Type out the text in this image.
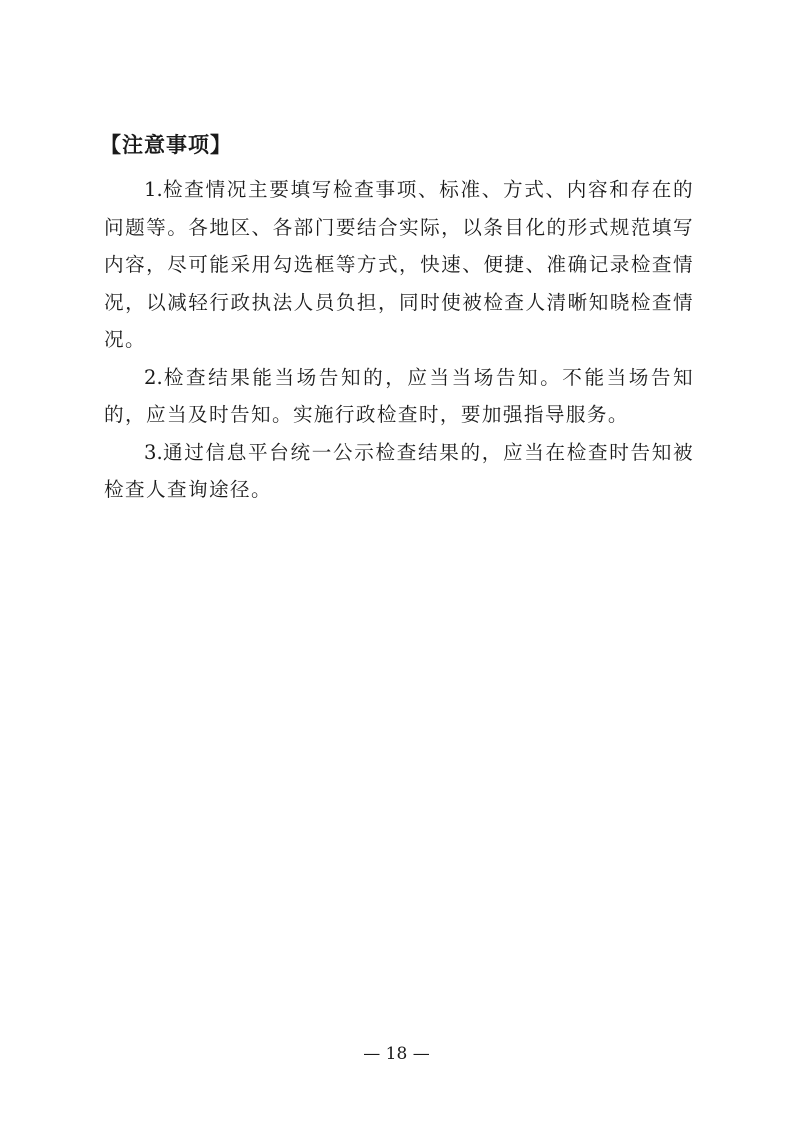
【注意事项】

1.检查情况主要填写检查事项、标准、方式、内容和存在的问题等。各地区、各部门要结合实际，以条目化的形式规范填写内容，尽可能采用勾选框等方式，快速、便捷、准确记录检查情况，以减轻行政执法人员负担，同时使被检查人清晰知晓检查情况。

2.检查结果能当场告知的，应当当场告知。不能当场告知的，应当及时告知。实施行政检查时，要加强指导服务。

3.通过信息平台统一公示检查结果的，应当在检查时告知被检查人查询途径。

— 18 —
